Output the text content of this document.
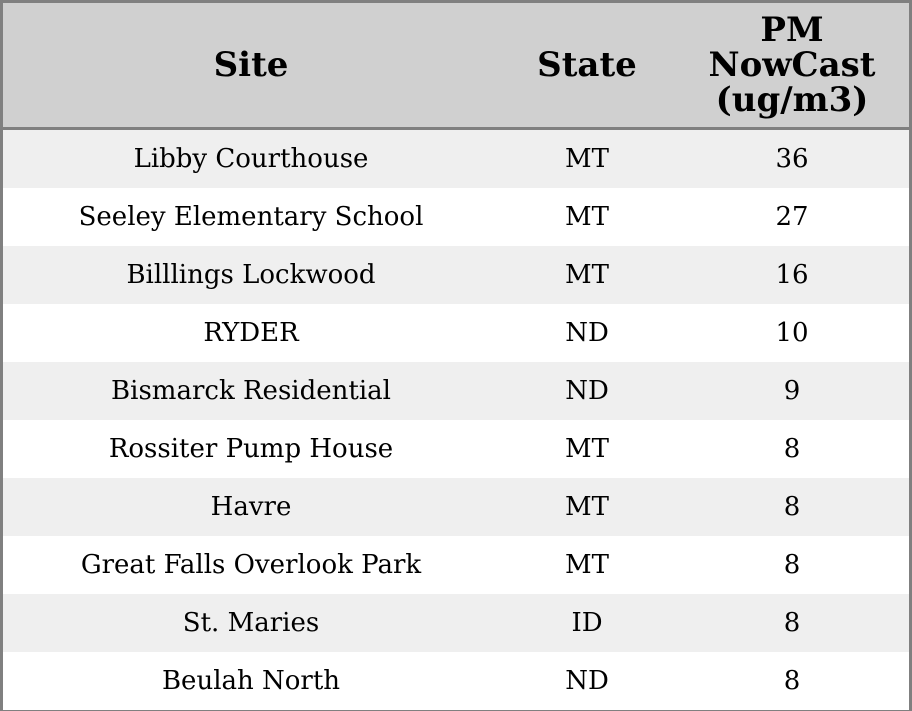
Site	State	PM
NowCast
(ug/m3)

Libby Courthouse	MT	36
Seeley Elementary School	MT	27
Billlings Lockwood	MT	16
RYDER	ND	10
Bismarck Residential	ND	9
Rossiter Pump House	MT	8
Havre	MT	8
Great Falls Overlook Park	MT	8
St. Maries	ID	8
Beulah North	ND	8
